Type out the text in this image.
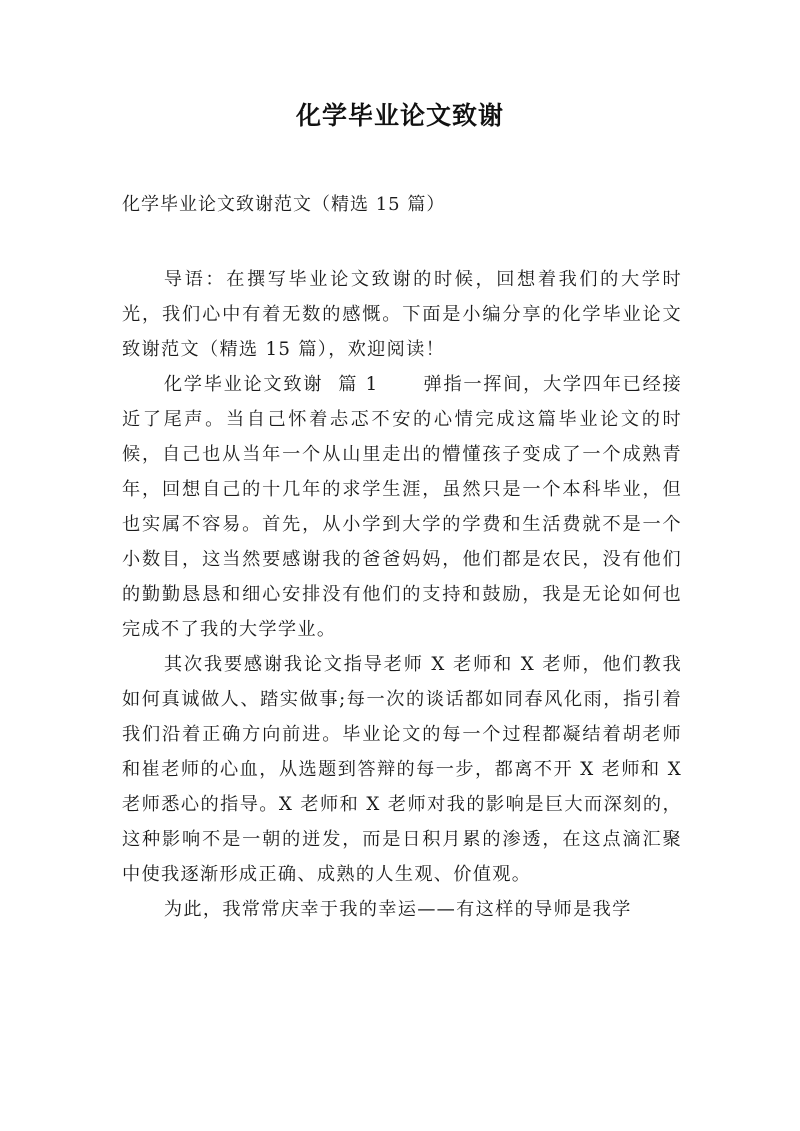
化学毕业论文致谢
化学毕业论文致谢范文（精选 15 篇）

导语：在撰写毕业论文致谢的时候，回想着我们的大学时光，我们心中有着无数的感慨。下面是小编分享的化学毕业论文致谢范文（精选 15 篇），欢迎阅读！

化学毕业论文致谢  篇 1      弹指一挥间，大学四年已经接近了尾声。当自己怀着忐忑不安的心情完成这篇毕业论文的时候，自己也从当年一个从山里走出的懵懂孩子变成了一个成熟青年，回想自己的十几年的求学生涯，虽然只是一个本科毕业，但也实属不容易。首先，从小学到大学的学费和生活费就不是一个小数目，这当然要感谢我的爸爸妈妈，他们都是农民，没有他们的勤勤恳恳和细心安排没有他们的支持和鼓励，我是无论如何也完成不了我的大学学业。

其次我要感谢我论文指导老师 X 老师和 X 老师，他们教我如何真诚做人、踏实做事;每一次的谈话都如同春风化雨，指引着我们沿着正确方向前进。毕业论文的每一个过程都凝结着胡老师和崔老师的心血，从选题到答辩的每一步，都离不开 X 老师和 X 老师悉心的指导。X 老师和 X 老师对我的影响是巨大而深刻的，这种影响不是一朝的迸发，而是日积月累的渗透，在这点滴汇聚中使我逐渐形成正确、成熟的人生观、价值观。

为此，我常常庆幸于我的幸运——有这样的导师是我学
